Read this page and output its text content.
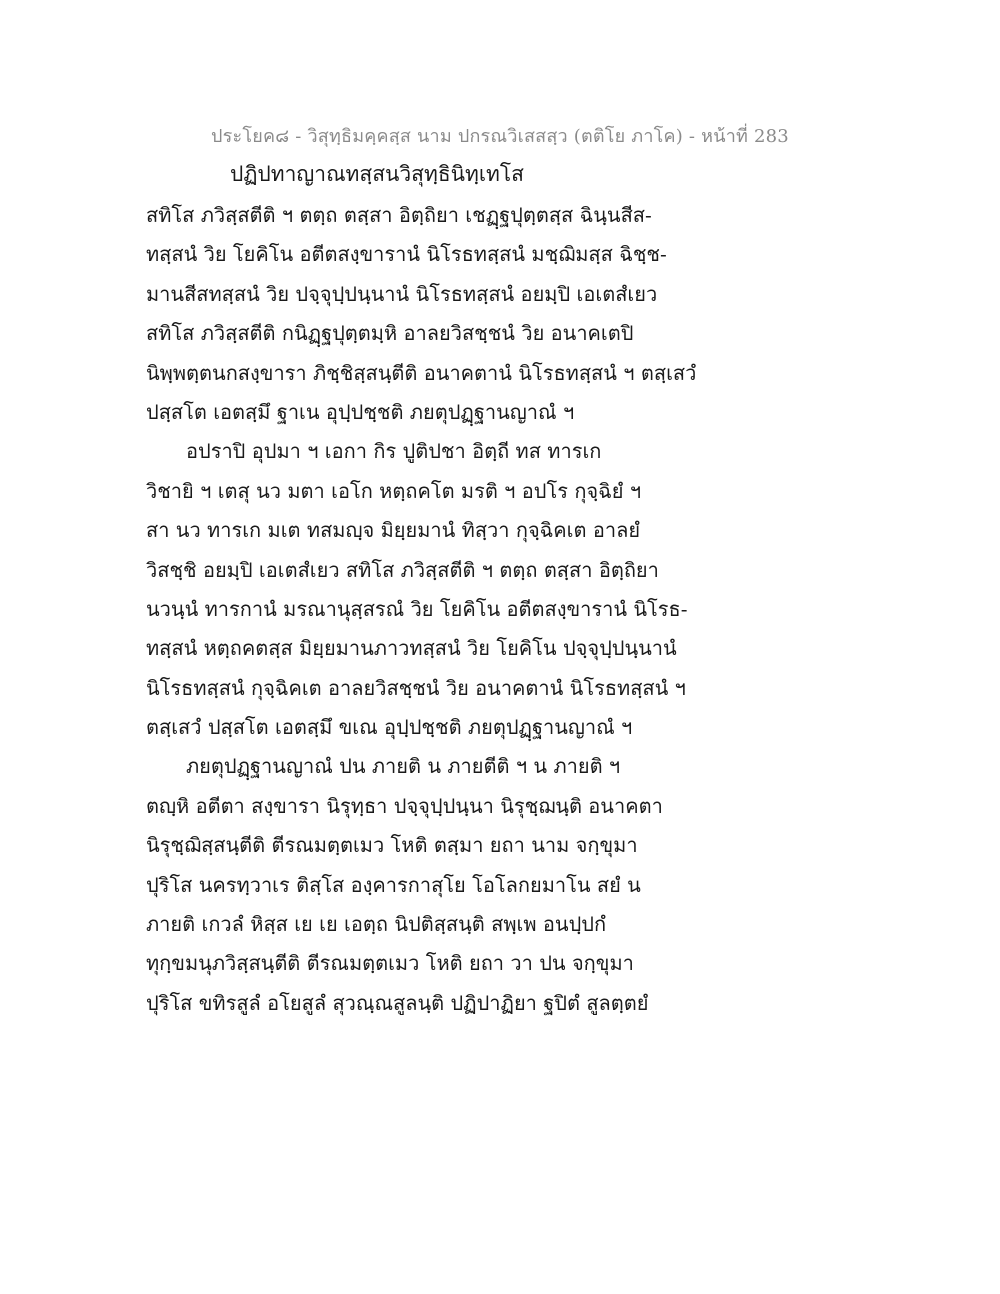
ประโยค๘ - วิสุทฺธิมคฺคสฺส นาม ปกรณวิเสสสฺว (ตติโย ภาโค) - หน้าที่ 283
ปฏิปทาญาณทสฺสนวิสุทฺธินิทฺเทโส
สทิโส ภวิสฺสตีติ ฯ ตตฺถ ตสฺสา อิตฺถิยา เชฏฺฐปุตฺตสฺส ฉินฺนสีส-
ทสฺสนํ วิย โยคิโน อตีตสงฺขารานํ นิโรธทสฺสนํ มชฺฌิมสฺส ฉิชฺช-
มานสีสทสฺสนํ วิย ปจฺจุปฺปนฺนานํ นิโรธทสฺสนํ อยมฺปิ เอเตสํเยว
สทิโส ภวิสฺสตีติ กนิฏฺฐปุตฺตมฺหิ อาลยวิสชฺชนํ วิย อนาคเตปิ
นิพฺพตฺตนกสงฺขารา ภิชฺชิสฺสนฺตีติ อนาคตานํ นิโรธทสฺสนํ ฯ ตสฺเสวํ
ปสฺสโต เอตสฺมึ ฐาเน อุปฺปชฺชติ ภยตุปฏฺฐานญาณํ ฯ
อปราปิ อุปมา ฯ เอกา กิร ปูติปชา อิตฺถี ทส ทารเก
วิชายิ ฯ เตสุ นว มตา เอโก หตฺถคโต มรติ ฯ อปโร กุจฺฉิยํ ฯ
สา นว ทารเก มเต ทสมญฺจ มิยฺยมานํ ทิสฺวา กุจฺฉิคเต อาลยํ
วิสชฺชิ อยมฺปิ เอเตสํเยว สทิโส ภวิสฺสตีติ ฯ ตตฺถ ตสฺสา อิตฺถิยา
นวนฺนํ ทารกานํ มรณานุสฺสรณํ วิย โยคิโน อตีตสงฺขารานํ นิโรธ-
ทสฺสนํ หตฺถคตสฺส มิยฺยมานภาวทสฺสนํ วิย โยคิโน ปจฺจุปฺปนฺนานํ
นิโรธทสฺสนํ กุจฺฉิคเต อาลยวิสชฺชนํ วิย อนาคตานํ นิโรธทสฺสนํ ฯ
ตสฺเสวํ ปสฺสโต เอตสฺมึ ขเณ อุปฺปชฺชติ ภยตุปฏฺฐานญาณํ ฯ
ภยตุปฏฺฐานญาณํ ปน ภายติ น ภายตีติ ฯ น ภายติ ฯ
ตญฺหิ อตีตา สงฺขารา นิรุทฺธา ปจฺจุปฺปนฺนา นิรุชฺฌนฺติ อนาคตา
นิรุชฺฌิสฺสนฺตีติ ตีรณมตฺตเมว โหติ ตสฺมา ยถา นาม จกฺขุมา
ปุริโส นครทฺวาเร ติสฺโส องฺคารกาสุโย โอโลกยมาโน สยํ น
ภายติ เกวลํ หิสฺส เย เย เอตฺถ นิปติสฺสนฺติ สพฺเพ อนปฺปกํ
ทุกฺขมนุภวิสฺสนฺตีติ ตีรณมตฺตเมว โหติ ยถา วา ปน จกฺขุมา
ปุริโส ขทิรสูลํ อโยสูลํ สุวณฺณสูลนฺติ ปฏิปาฏิยา ฐปิตํ สูลตฺตยํ
